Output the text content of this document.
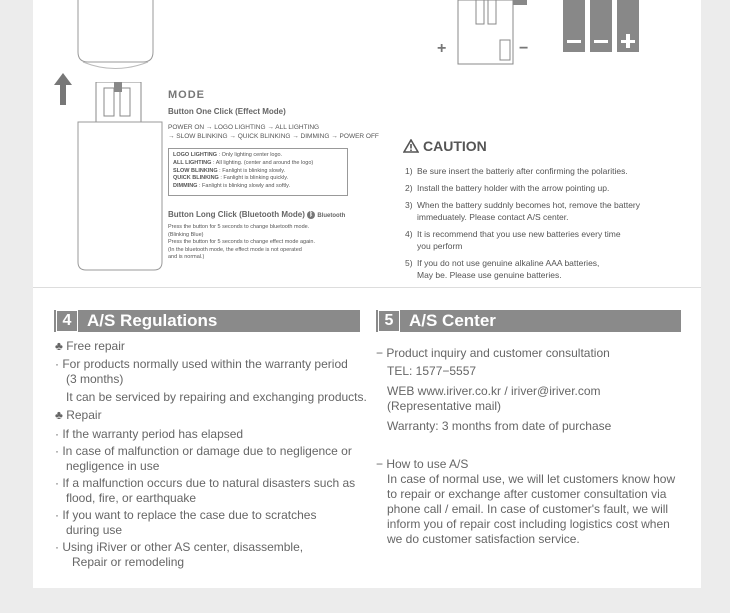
+	−
MODE
Button One Click (Effect Mode)
POWER ON → LOGO LIGHTING → ALL LIGHTING
→ SLOW BLINKING → QUICK BLINKING → DIMMING → POWER OFF
LOGO LIGHTING : Only lighting center logo.
ALL LIGHTING : All lighting. (center and around the logo)
SLOW BLINKING : Fanlight is blinking slowly.
QUICK BLINKING : Fanlight is blinking quickly.
DIMMING : Fanlight is blinking slowly and softly.
Button Long Click (Bluetooth Mode) ᛒ Bluetooth
Press the button for 5 seconds to change bluetooth mode.
(Blinking Blue)
Press the button for 5 seconds to change effect mode again.
(In the bluetooth mode, the effect mode is not operated
and is normal.)
CAUTION
1) Be sure insert the batteriy after confirming the polarities.
2) Install the battery holder with the arrow pointing up.
3) When the battery suddnly becomes hot, remove the battery
immeduately. Please contact A/S center.
4) It is recommend that you use new batteries every time
you perform
5) If you do not use genuine alkaline AAA batteries,
May be. Please use genuine batteries.
4 A/S Regulations
♣ Free repair
· For products normally used within the warranty period
(3 months)
It can be serviced by repairing and exchanging products.
♣ Repair
· If the warranty period has elapsed
· In case of malfunction or damage due to negligence or
negligence in use
· If a malfunction occurs due to natural disasters such as
flood, fire, or earthquake
· If you want to replace the case due to scratches
during use
· Using iRiver or other AS center, disassemble,
Repair or remodeling
5 A/S Center
− Product inquiry and customer consultation
TEL: 1577−5557
WEB www.iriver.co.kr / iriver@iriver.com
(Representative mail)
Warranty: 3 months from date of purchase
− How to use A/S
In case of normal use, we will let customers know how
to repair or exchange after customer consultation via
phone call / email. In case of customer's fault, we will
inform you of repair cost including logistics cost when
we do customer satisfaction service.
